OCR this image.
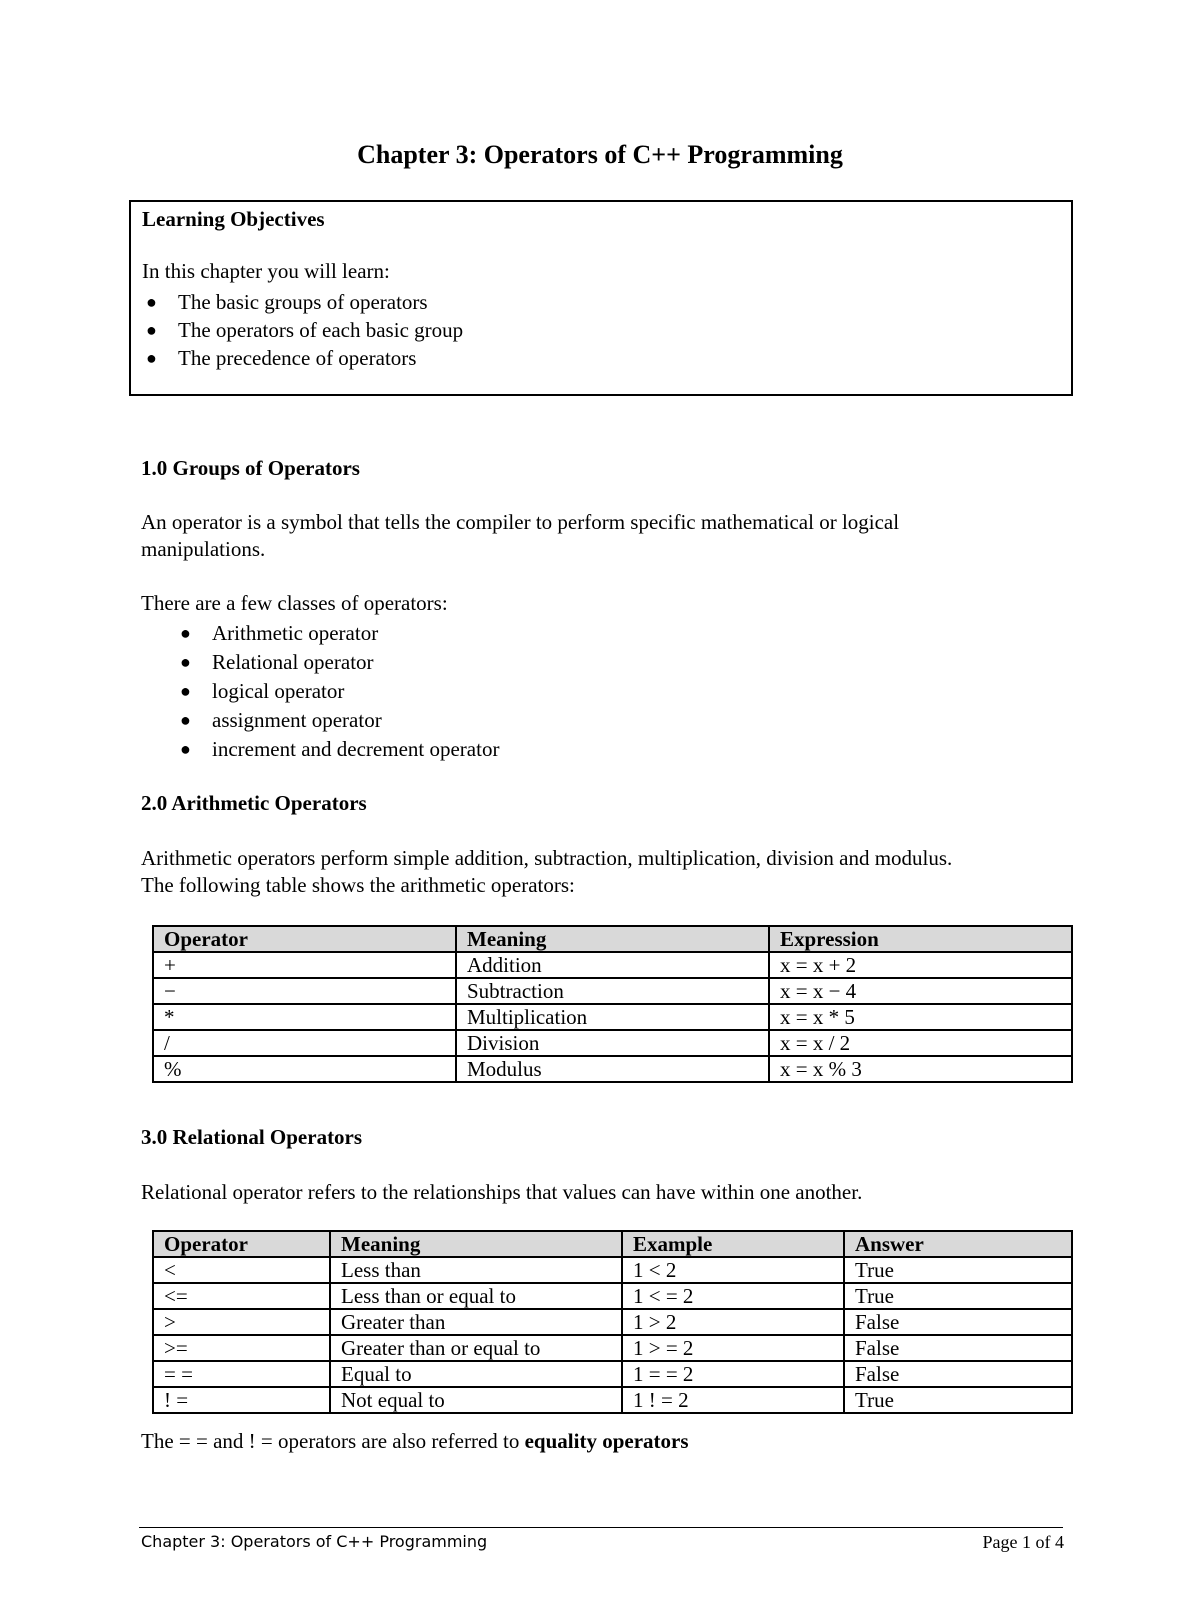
Chapter 3: Operators of C++ Programming
Learning Objectives
In this chapter you will learn:
● The basic groups of operators
● The operators of each basic group
● The precedence of operators
1.0 Groups of Operators
An operator is a symbol that tells the compiler to perform specific mathematical or logical
manipulations.
There are a few classes of operators:
● Arithmetic operator
● Relational operator
● logical operator
● assignment operator
● increment and decrement operator
2.0 Arithmetic Operators
Arithmetic operators perform simple addition, subtraction, multiplication, division and modulus.
The following table shows the arithmetic operators:
Operator	Meaning	Expression
+	Addition	x = x + 2
−	Subtraction	x = x − 4
*	Multiplication	x = x * 5
/	Division	x = x / 2
%	Modulus	x = x % 3
3.0 Relational Operators
Relational operator refers to the relationships that values can have within one another.
Operator	Meaning	Example	Answer
<	Less than	1 < 2	True
<=	Less than or equal to	1 < = 2	True
>	Greater than	1 > 2	False
>=	Greater than or equal to	1 > = 2	False
= =	Equal to	1 = = 2	False
! =	Not equal to	1 ! = 2	True
The = = and ! = operators are also referred to equality operators
Chapter 3: Operators of C++ Programming	Page 1 of 4
